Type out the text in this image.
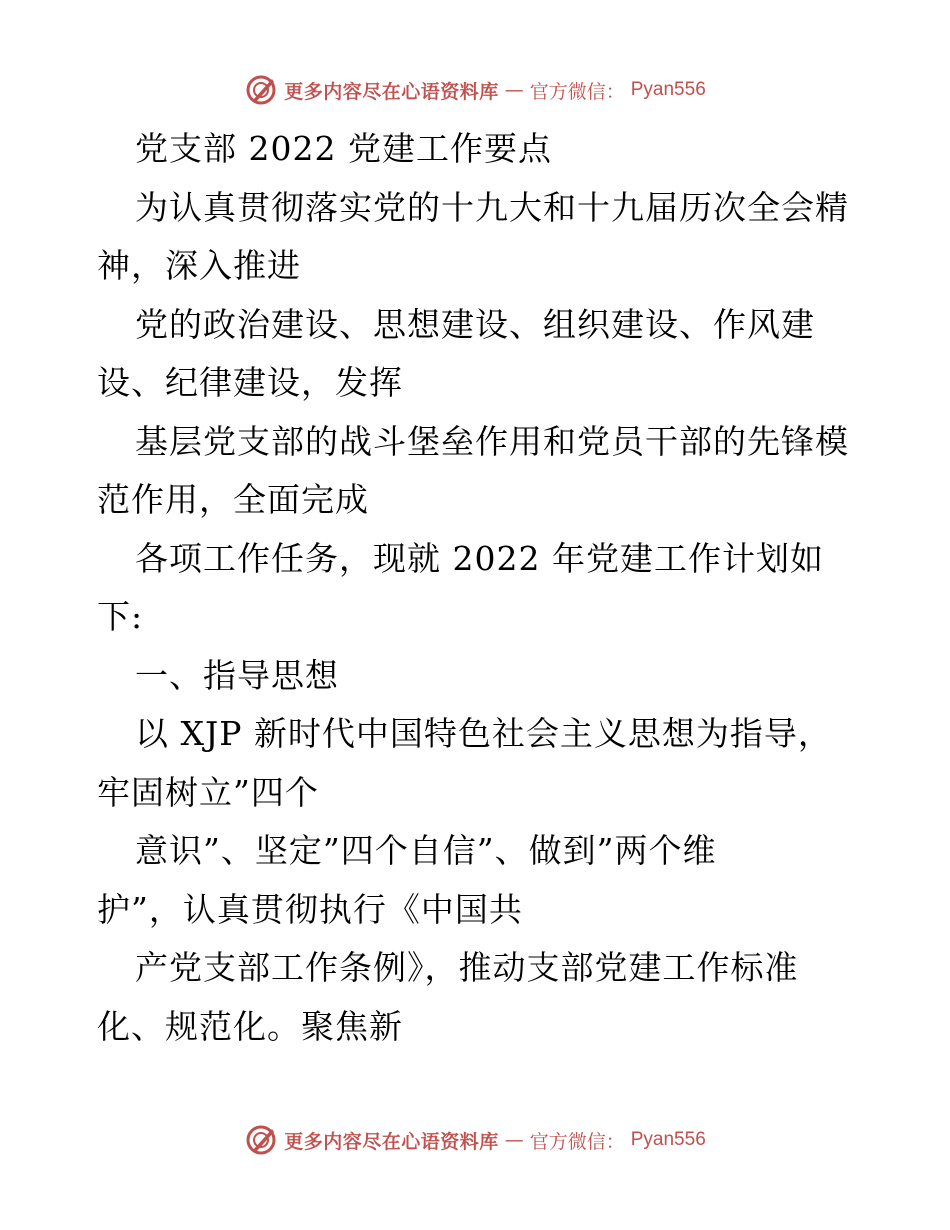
更多内容尽在心语资料库 — 官方微信： Pyan556
党支部 2022 党建工作要点
为认真贯彻落实党的十九大和十九届历次全会精
神，深入推进
党的政治建设、思想建设、组织建设、作风建
设、纪律建设，发挥
基层党支部的战斗堡垒作用和党员干部的先锋模
范作用，全面完成
各项工作任务，现就 2022 年党建工作计划如
下:
一、指导思想
以 XJP 新时代中国特色社会主义思想为指导，
牢固树立”四个
意识”、坚定”四个自信”、做到”两个维
护”，认真贯彻执行《中国共
产党支部工作条例》，推动支部党建工作标准
化、规范化。聚焦新
更多内容尽在心语资料库 — 官方微信： Pyan556
